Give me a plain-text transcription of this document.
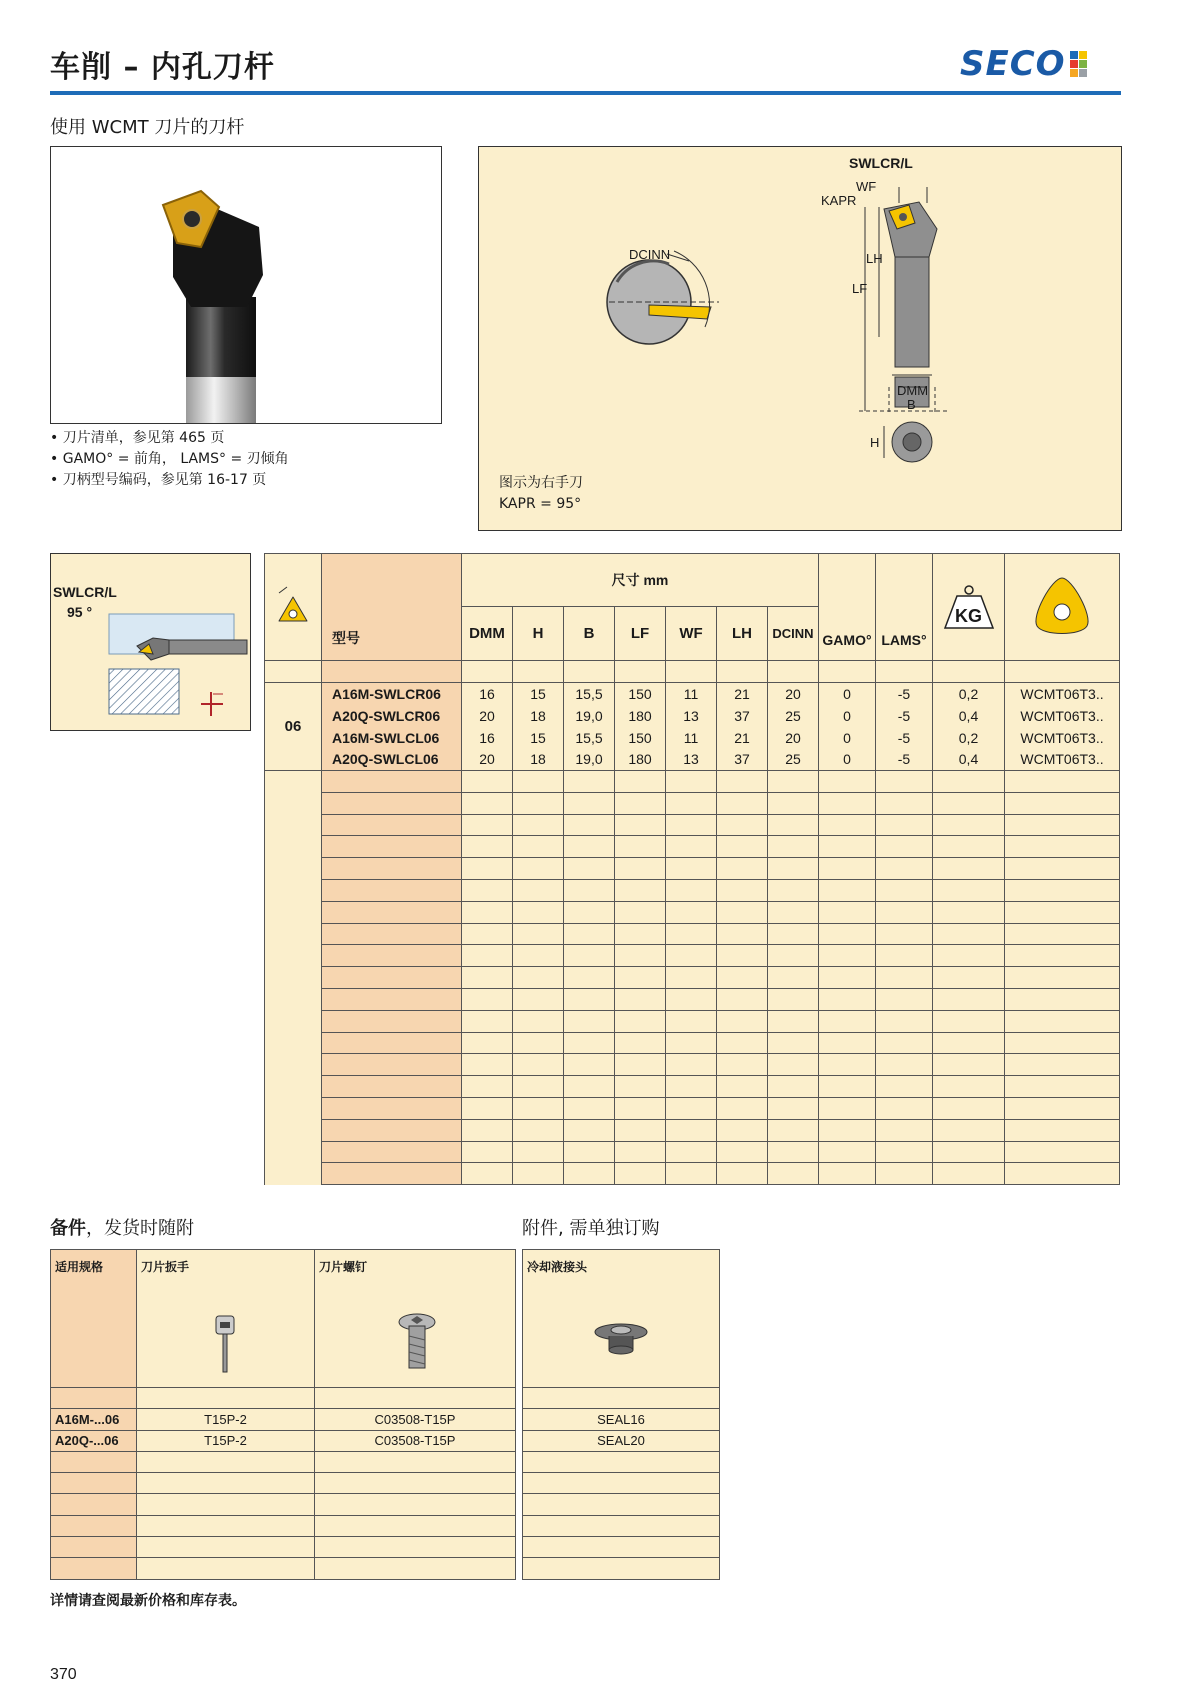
车削 – 内孔刀杆	SECO
使用 WCMT 刀片的刀杆
• 刀片清单，参见第 465 页
• GAMO° = 前角， LAMS° = 刃倾角
• 刀柄型号编码，参见第 16-17 页
SWLCR/L
WF
KAPR
LH
LF
DCINN
DMM
B
H
图示为右手刀
KAPR = 95°
SWLCR/L
95 °
	型号	尺寸 mm							GAMO°	LAMS°	KG

		DMM	H	B	LF	WF	LH	DCINN				

06	A16M-SWLCR06	16	15	15,5	150	11	21	20	0	-5	0,2	WCMT06T3..
	A20Q-SWLCR06	20	18	19,0	180	13	37	25	0	-5	0,4	WCMT06T3..
	A16M-SWLCL06	16	15	15,5	150	11	21	20	0	-5	0,2	WCMT06T3..
	A20Q-SWLCL06	20	18	19,0	180	13	37	25	0	-5	0,4	WCMT06T3..

备件，发货时随附	附件, 需单独订购
适用规格	刀片扳手	刀片螺钉

A16M-...06	T15P-2	C03508-T15P
A20Q-...06	T15P-2	C03508-T15P

冷却液接头

SEAL16
SEAL20

详情请查阅最新价格和库存表。
370
